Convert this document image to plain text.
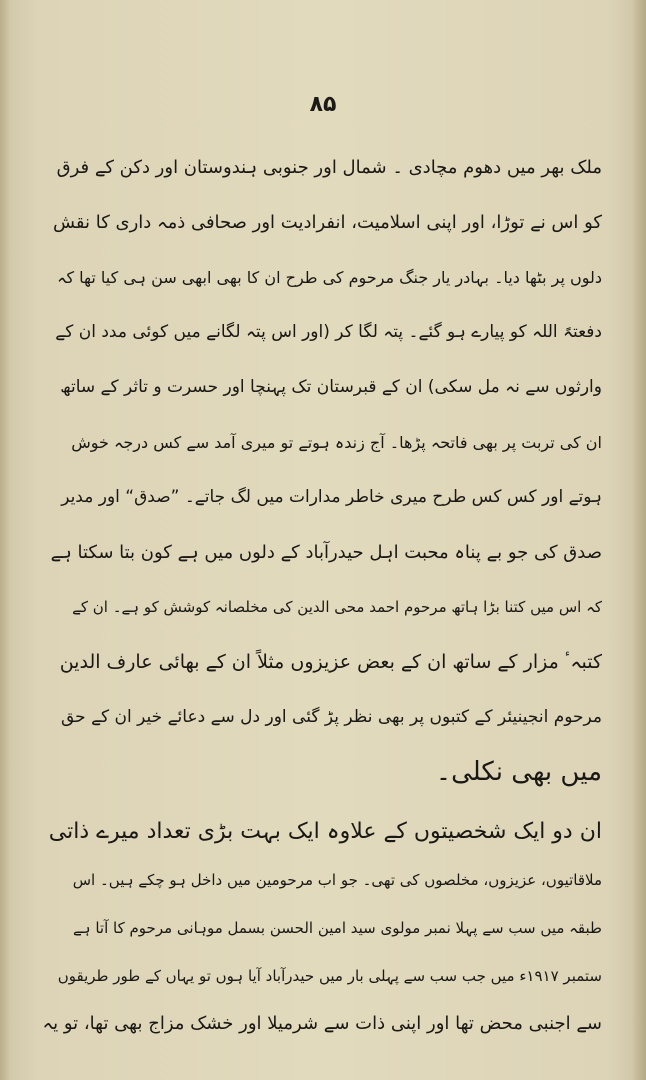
۸۵
ملک بھر میں دھوم مچادی ۔ شمال اور جنوبی ہندوستان اور دکن کے فرق
کو اس نے توڑا، اور اپنی اسلامیت، انفرادیت اور صحافی ذمہ داری کا نقش
دلوں پر بٹھا دیا۔ بہادر یار جنگ مرحوم کی طرح ان کا بھی ابھی سن ہی کیا تھا کہ
دفعتہً اللہ کو پیارے ہو گئے۔ پتہ لگا کر (اور اس پتہ لگانے میں کوئی مدد ان کے
وارثوں سے نہ مل سکی) ان کے قبرستان تک پہنچا اور حسرت و تاثر کے ساتھ
ان کی تربت پر بھی فاتحہ پڑھا۔ آج زندہ ہوتے تو میری آمد سے کس درجہ خوش
ہوتے اور کس کس طرح میری خاطر مدارات میں لگ جاتے۔ ”صدق“ اور مدیر
صدق کی جو بے پناہ محبت اہل حیدرآباد کے دلوں میں ہے کون بتا سکتا ہے
کہ اس میں کتنا بڑا ہاتھ مرحوم احمد محی الدین کی مخلصانہ کوشش کو ہے۔ ان کے
کتبہٴ مزار کے ساتھ ان کے بعض عزیزوں مثلاً ان کے بھائی عارف الدین
مرحوم انجینیئر کے کتبوں پر بھی نظر پڑ گئی اور دل سے دعائے خیر ان کے حق
میں بھی نکلی۔
ان دو ایک شخصیتوں کے علاوہ ایک بہت بڑی تعداد میرے ذاتی
ملاقاتیوں، عزیزوں، مخلصوں کی تھی۔ جو اب مرحومین میں داخل ہو چکے ہیں۔ اس
طبقہ میں سب سے پہلا نمبر مولوی سید امین الحسن بسمل موہانی مرحوم کا آتا ہے
ستمبر ۱۹۱۷ء میں جب سب سے پہلی بار میں حیدرآباد آیا ہوں تو یہاں کے طور طریقوں
سے اجنبی محض تھا اور اپنی ذات سے شرمیلا اور خشک مزاج بھی تھا، تو یہ
